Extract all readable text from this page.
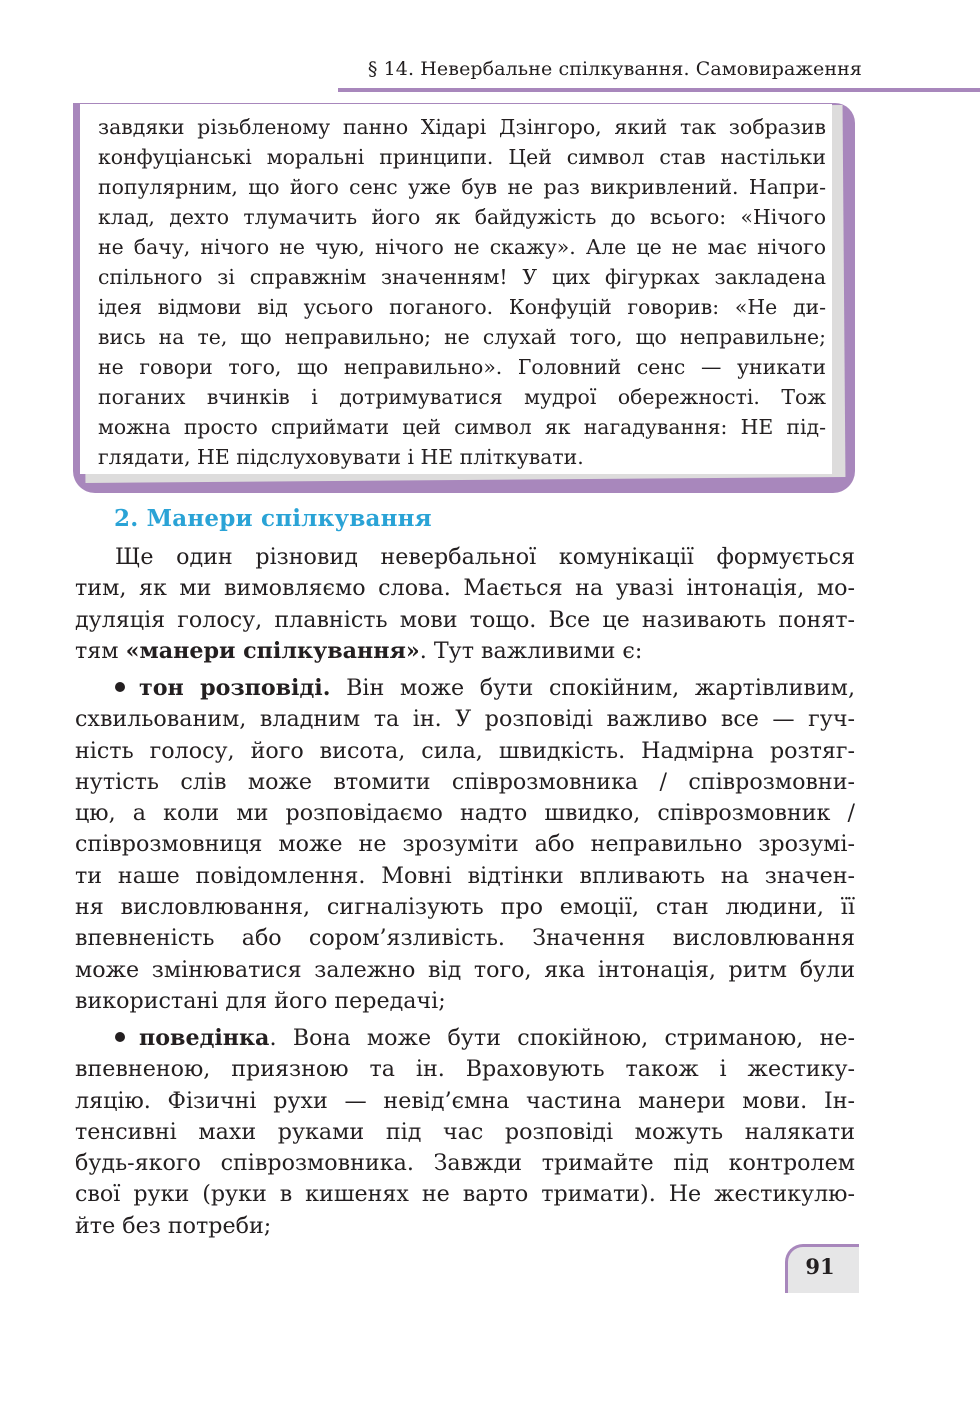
§ 14. Невербальне спілкування. Самовираження
завдяки різьбленому панно Хідарі Дзінгоро, який так зобразив
конфуціанські моральні принципи. Цей символ став настільки
популярним, що його сенс уже був не раз викривлений. Напри-
клад, дехто тлумачить його як байдужість до всього: «Нічого
не бачу, нічого не чую, нічого не скажу». Але це не має нічого
спільного зі справжнім значенням! У цих фігурках закладена
ідея відмови від усього поганого. Конфуцій говорив: «Не ди-
вись на те, що неправильно; не слухай того, що неправильне;
не говори того, що неправильно». Головний сенс — уникати
поганих вчинків і дотримуватися мудрої обережності. Тож
можна просто сприймати цей символ як нагадування: НЕ під-
глядати, НЕ підслуховувати і НЕ пліткувати.
2. Манери спілкування
Ще один різновид невербальної комунікації формується
тим, як ми вимовляємо слова. Мається на увазі інтонація, мо-
дуляція голосу, плавність мови тощо. Все це називають понят-
тям «манери спілкування». Тут важливими є:
тон розповіді. Він може бути спокійним, жартівливим,
схвильованим, владним та ін. У розповіді важливо все — гуч-
ність голосу, його висота, сила, швидкість. Надмірна розтяг-
нутість слів може втомити співрозмовника / співрозмовни-
цю, а коли ми розповідаємо надто швидко, співрозмовник /
співрозмовниця може не зрозуміти або неправильно зрозумі-
ти наше повідомлення. Мовні відтінки впливають на значен-
ня висловлювання, сигналізують про емоції, стан людини, її
впевненість або сором’язливість. Значення висловлювання
може змінюватися залежно від того, яка інтонація, ритм були
використані для його передачі;
поведінка. Вона може бути спокійною, стриманою, не-
впевненою, приязною та ін. Враховують також і жестику-
ляцію. Фізичні рухи — невід’ємна частина манери мови. Ін-
тенсивні махи руками під час розповіді можуть налякати
будь-якого співрозмовника. Завжди тримайте під контролем
свої руки (руки в кишенях не варто тримати). Не жестикулю-
йте без потреби;
91
